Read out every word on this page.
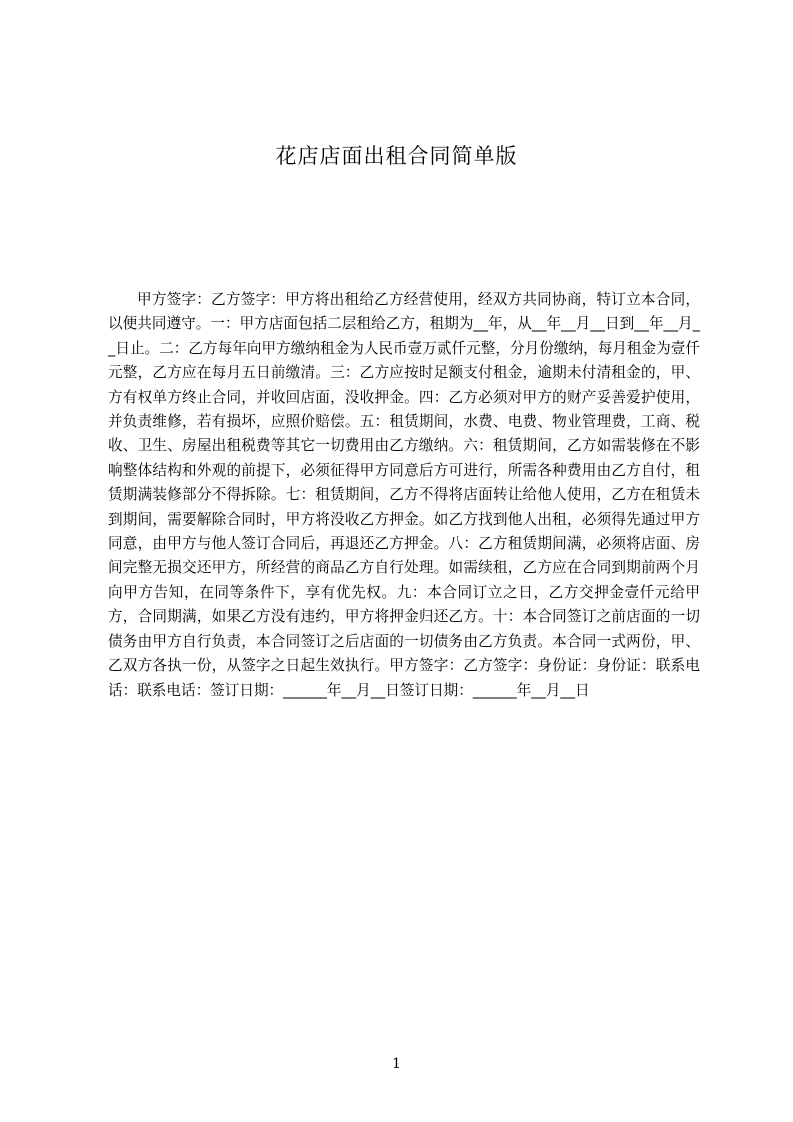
花店店面出租合同简单版

甲方签字：乙方签字：甲方将出租给乙方经营使用，经双方共同协商，特订立本合同，以便共同遵守。一：甲方店面包括二层租给乙方，租期为__年，从__年__月__日到__年__月__日止。二：乙方每年向甲方缴纳租金为人民币壹万贰仟元整，分月份缴纳，每月租金为壹仟元整，乙方应在每月五日前缴清。三：乙方应按时足额支付租金，逾期未付清租金的，甲、方有权单方终止合同，并收回店面，没收押金。四：乙方必须对甲方的财产妥善爱护使用，并负责维修，若有损坏，应照价赔偿。五：租赁期间，水费、电费、物业管理费，工商、税收、卫生、房屋出租税费等其它一切费用由乙方缴纳。六：租赁期间，乙方如需装修在不影响整体结构和外观的前提下，必须征得甲方同意后方可进行，所需各种费用由乙方自付，租赁期满装修部分不得拆除。七：租赁期间，乙方不得将店面转让给他人使用，乙方在租赁未到期间，需要解除合同时，甲方将没收乙方押金。如乙方找到他人出租，必须得先通过甲方同意，由甲方与他人签订合同后，再退还乙方押金。八：乙方租赁期间满，必须将店面、房间完整无损交还甲方，所经营的商品乙方自行处理。如需续租，乙方应在合同到期前两个月向甲方告知，在同等条件下，享有优先权。九：本合同订立之日，乙方交押金壹仟元给甲方，合同期满，如果乙方没有违约，甲方将押金归还乙方。十：本合同签订之前店面的一切债务由甲方自行负责，本合同签订之后店面的一切债务由乙方负责。本合同一式两份，甲、乙双方各执一份，从签字之日起生效执行。甲方签字：乙方签字：身份证：身份证：联系电话：联系电话：签订日期：______年__月__日签订日期：______年__月__日

1
